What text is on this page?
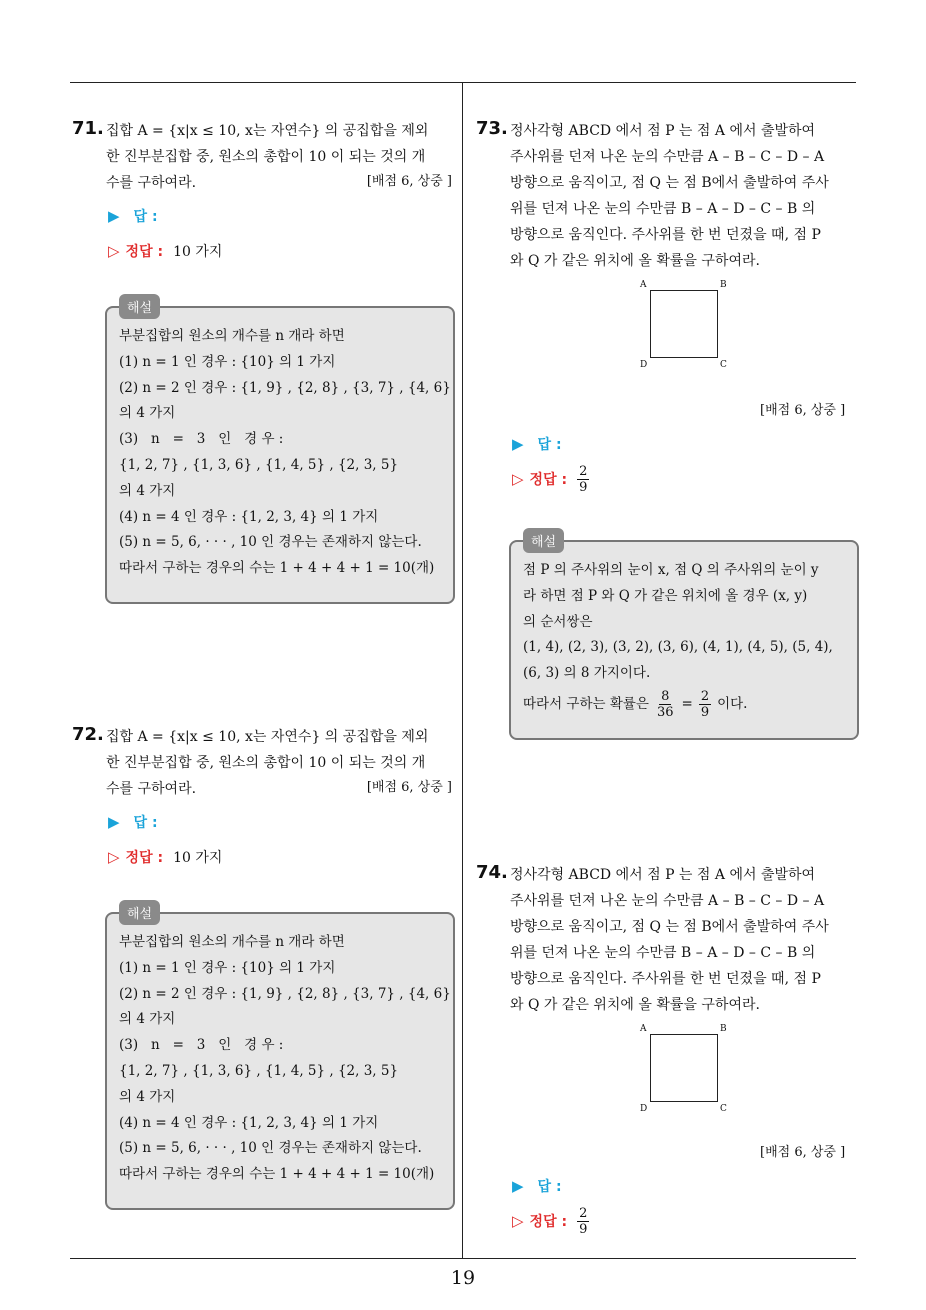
71. 집합 A = {x|x ≤ 10, x는 자연수} 의 공집합을 제외
한 진부분집합 중, 원소의 총합이 10 이 되는 것의 개
수를 구하여라.	[배점 6, 상중 ]
▶ 답 :
▷ 정답 : 10 가지
해설
부분집합의 원소의 개수를 n 개라 하면
(1) n = 1 인 경우 : {10} 의 1 가지
(2) n = 2 인 경우 : {1, 9} , {2, 8} , {3, 7} , {4, 6}
의 4 가지
(3)   n   =   3   인   경 우 :
{1, 2, 7} , {1, 3, 6} , {1, 4, 5} , {2, 3, 5}
의 4 가지
(4) n = 4 인 경우 : {1, 2, 3, 4} 의 1 가지
(5) n = 5, 6, · · · , 10 인 경우는 존재하지 않는다.
따라서 구하는 경우의 수는 1 + 4 + 4 + 1 = 10(개)
72. 집합 A = {x|x ≤ 10, x는 자연수} 의 공집합을 제외
한 진부분집합 중, 원소의 총합이 10 이 되는 것의 개
수를 구하여라.	[배점 6, 상중 ]
▶ 답 :
▷ 정답 : 10 가지
해설
부분집합의 원소의 개수를 n 개라 하면
(1) n = 1 인 경우 : {10} 의 1 가지
(2) n = 2 인 경우 : {1, 9} , {2, 8} , {3, 7} , {4, 6}
의 4 가지
(3)   n   =   3   인   경 우 :
{1, 2, 7} , {1, 3, 6} , {1, 4, 5} , {2, 3, 5}
의 4 가지
(4) n = 4 인 경우 : {1, 2, 3, 4} 의 1 가지
(5) n = 5, 6, · · · , 10 인 경우는 존재하지 않는다.
따라서 구하는 경우의 수는 1 + 4 + 4 + 1 = 10(개)
73. 정사각형 ABCD 에서 점 P 는 점 A 에서 출발하여
주사위를 던져 나온 눈의 수만큼 A – B – C – D – A
방향으로 움직이고, 점 Q 는 점 B에서 출발하여 주사
위를 던져 나온 눈의 수만큼 B – A – D – C – B 의
방향으로 움직인다. 주사위를 한 번 던졌을 때, 점 P
와 Q 가 같은 위치에 올 확률을 구하여라.
A	B
C
D
[배점 6, 상중 ]
▶ 답 :
▷ 정답 : $\frac{2}{9}$
해설
점 P 의 주사위의 눈이 x, 점 Q 의 주사위의 눈이 y
라 하면 점 P 와 Q 가 같은 위치에 올 경우 (x, y)
의 순서쌍은
(1, 4), (2, 3), (3, 2), (3, 6), (4, 1), (4, 5), (5, 4),
(6, 3) 의 8 가지이다.
따라서 구하는 확률은 $\frac{8}{36} = \frac{2}{9}$ 이다.
74. 정사각형 ABCD 에서 점 P 는 점 A 에서 출발하여
주사위를 던져 나온 눈의 수만큼 A – B – C – D – A
방향으로 움직이고, 점 Q 는 점 B에서 출발하여 주사
위를 던져 나온 눈의 수만큼 B – A – D – C – B 의
방향으로 움직인다. 주사위를 한 번 던졌을 때, 점 P
와 Q 가 같은 위치에 올 확률을 구하여라.
A	B
C
D
[배점 6, 상중 ]
▶ 답 :
▷ 정답 : $\frac{2}{9}$
19
